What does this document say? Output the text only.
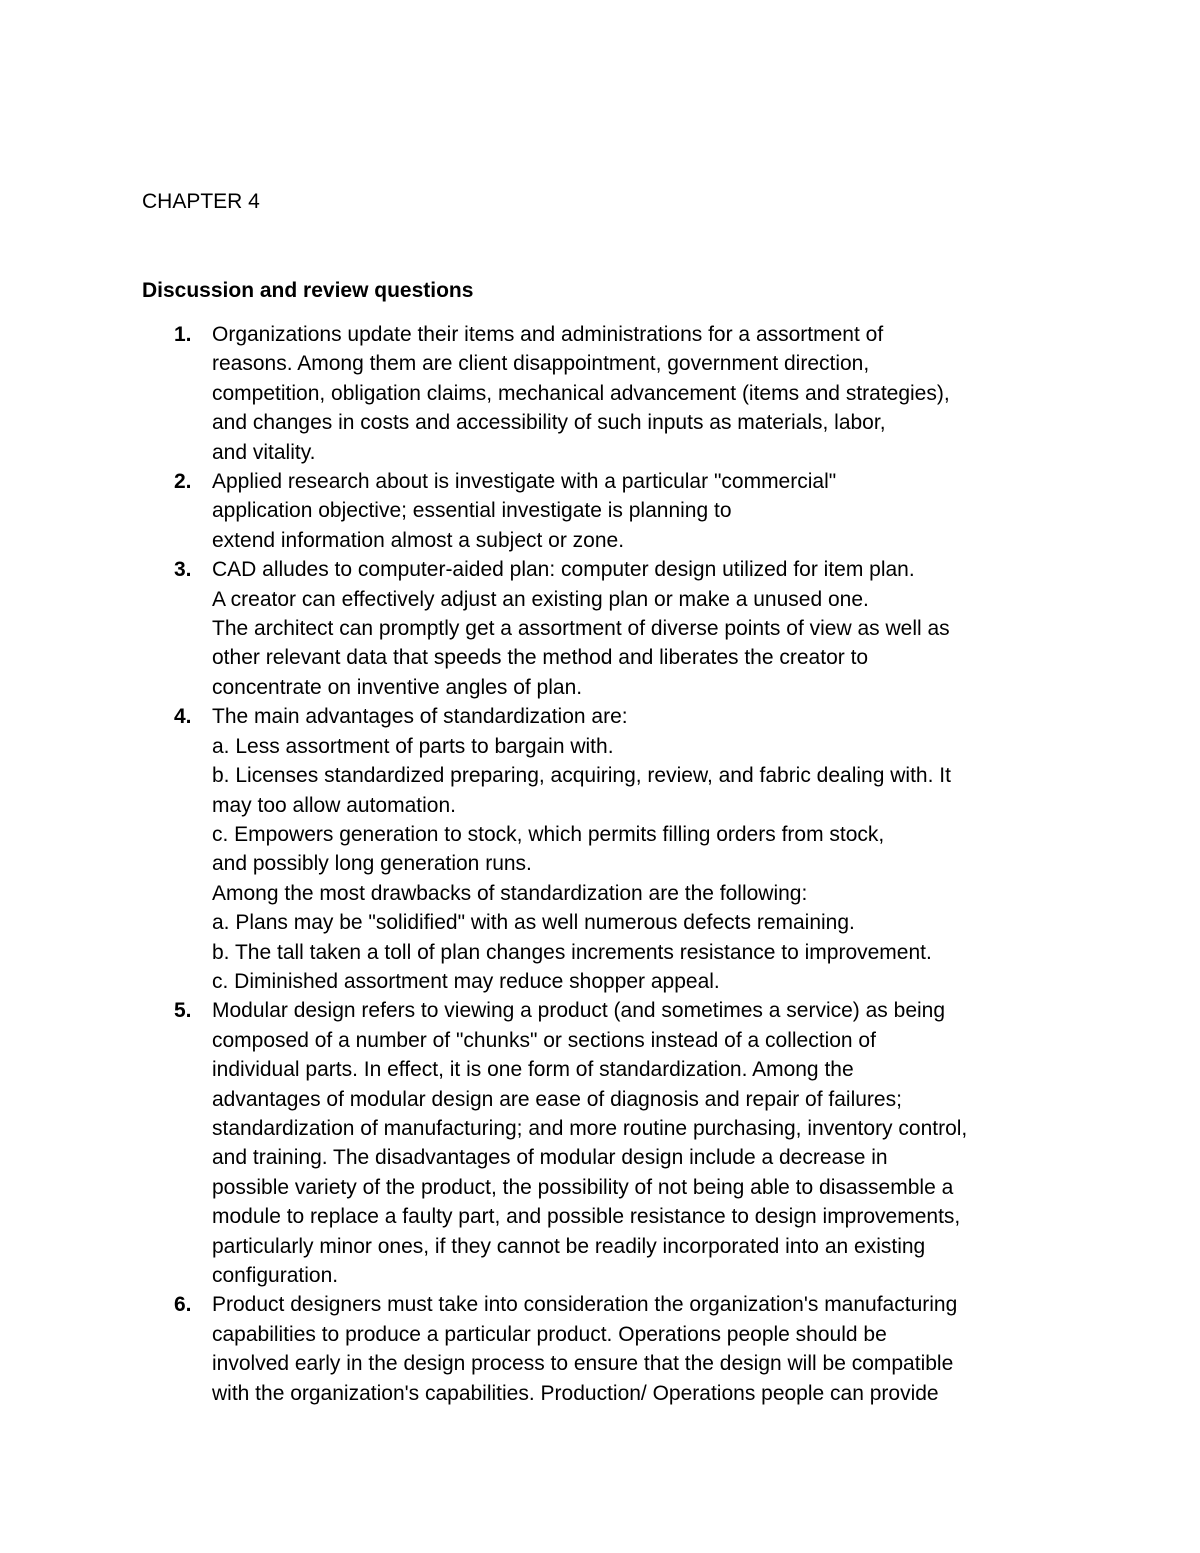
CHAPTER 4
Discussion and review questions
1. Organizations update their items and administrations for a assortment of
reasons. Among them are client disappointment, government direction,
competition, obligation claims, mechanical advancement (items and strategies),
and changes in costs and accessibility of such inputs as materials, labor,
and vitality.
2. Applied research about is investigate with a particular "commercial"
application objective; essential investigate is planning to
extend information almost a subject or zone.
3. CAD alludes to computer-aided plan: computer design utilized for item plan.
A creator can effectively adjust an existing plan or make a unused one.
The architect can promptly get a assortment of diverse points of view as well as
other relevant data that speeds the method and liberates the creator to
concentrate on inventive angles of plan.
4. The main advantages of standardization are:
a. Less assortment of parts to bargain with.
b. Licenses standardized preparing, acquiring, review, and fabric dealing with. It
may too allow automation.
c. Empowers generation to stock, which permits filling orders from stock,
and possibly long generation runs.
Among the most drawbacks of standardization are the following:
a. Plans may be "solidified" with as well numerous defects remaining.
b. The tall taken a toll of plan changes increments resistance to improvement.
c. Diminished assortment may reduce shopper appeal.
5. Modular design refers to viewing a product (and sometimes a service) as being
composed of a number of "chunks" or sections instead of a collection of
individual parts. In effect, it is one form of standardization. Among the
advantages of modular design are ease of diagnosis and repair of failures;
standardization of manufacturing; and more routine purchasing, inventory control,
and training. The disadvantages of modular design include a decrease in
possible variety of the product, the possibility of not being able to disassemble a
module to replace a faulty part, and possible resistance to design improvements,
particularly minor ones, if they cannot be readily incorporated into an existing
configuration.
6. Product designers must take into consideration the organization's manufacturing
capabilities to produce a particular product. Operations people should be
involved early in the design process to ensure that the design will be compatible
with the organization's capabilities. Production/ Operations people can provide
